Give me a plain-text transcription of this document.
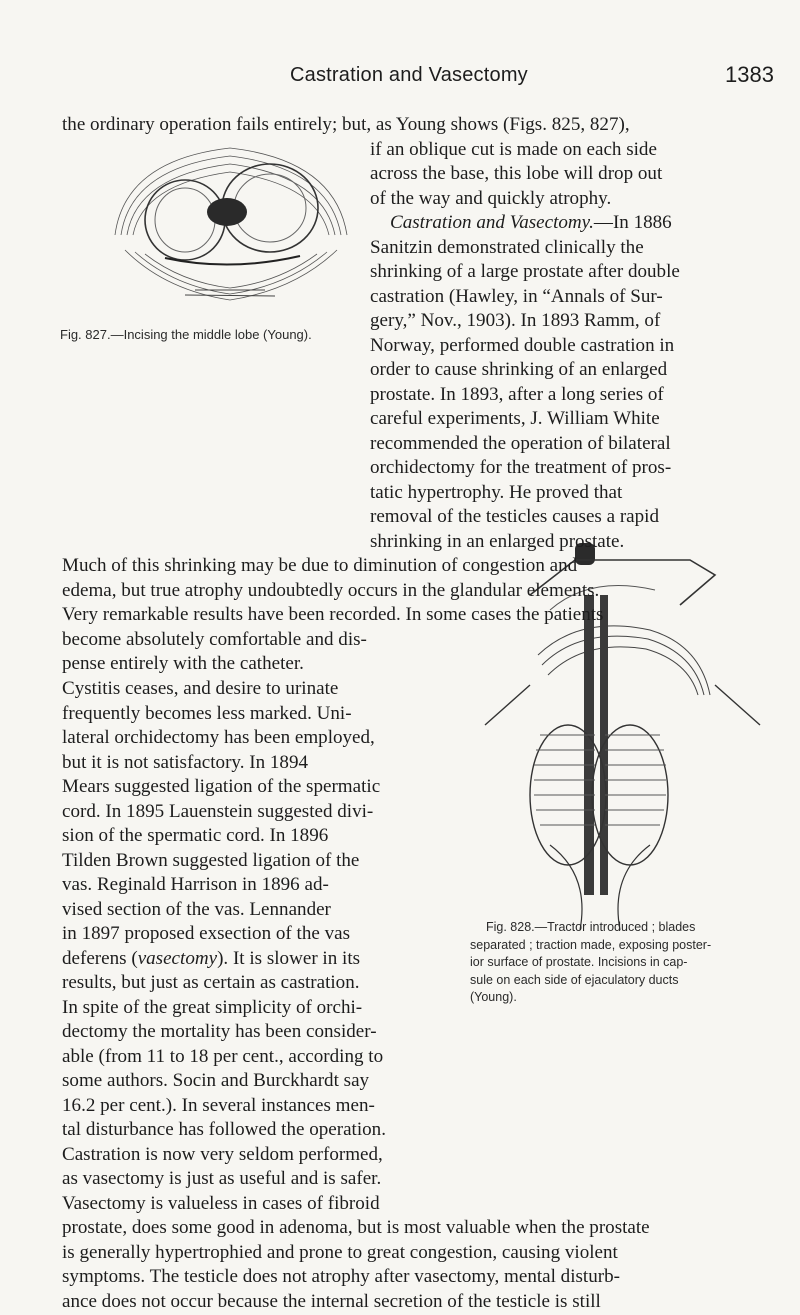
Castration and Vasectomy	1383
Fig. 827.—Incising the middle lobe (Young).
Fig. 828.—Tractor introduced ; blades
separated ; traction made, exposing poster-
ior surface of prostate. Incisions in cap-
sule on each side of ejaculatory ducts
(Young).
the ordinary operation fails entirely; but, as Young shows (Figs. 825, 827),
if an oblique cut is made on each side
across the base, this lobe will drop out
of the way and quickly atrophy.
Castration and Vasectomy.—In 1886
Sanitzin demonstrated clinically the
shrinking of a large prostate after double
castration (Hawley, in “Annals of Sur-
gery,” Nov., 1903). In 1893 Ramm, of
Norway, performed double castration in
order to cause shrinking of an enlarged
prostate. In 1893, after a long series of
careful experiments, J. William White
recommended the operation of bilateral
orchidectomy for the treatment of pros-
tatic hypertrophy. He proved that
removal of the testicles causes a rapid
shrinking in an enlarged prostate.
Much of this shrinking may be due to diminution of congestion and
edema, but true atrophy undoubtedly occurs in the glandular elements.
Very remarkable results have been recorded. In some cases the patients
become absolutely comfortable and dis-
pense entirely with the catheter.
Cystitis ceases, and desire to urinate
frequently becomes less marked. Uni-
lateral orchidectomy has been employed,
but it is not satisfactory. In 1894
Mears suggested ligation of the spermatic
cord. In 1895 Lauenstein suggested divi-
sion of the spermatic cord. In 1896
Tilden Brown suggested ligation of the
vas. Reginald Harrison in 1896 ad-
vised section of the vas. Lennander
in 1897 proposed exsection of the vas
deferens (vasectomy). It is slower in its
results, but just as certain as castration.
In spite of the great simplicity of orchi-
dectomy the mortality has been consider-
able (from 11 to 18 per cent., according to
some authors. Socin and Burckhardt say
16.2 per cent.). In several instances men-
tal disturbance has followed the operation.
Castration is now very seldom performed,
as vasectomy is just as useful and is safer.
Vasectomy is valueless in cases of fibroid
prostate, does some good in adenoma, but is most valuable when the prostate
is generally hypertrophied and prone to great congestion, causing violent
symptoms. The testicle does not atrophy after vasectomy, mental disturb-
ance does not occur because the internal secretion of the testicle is still
